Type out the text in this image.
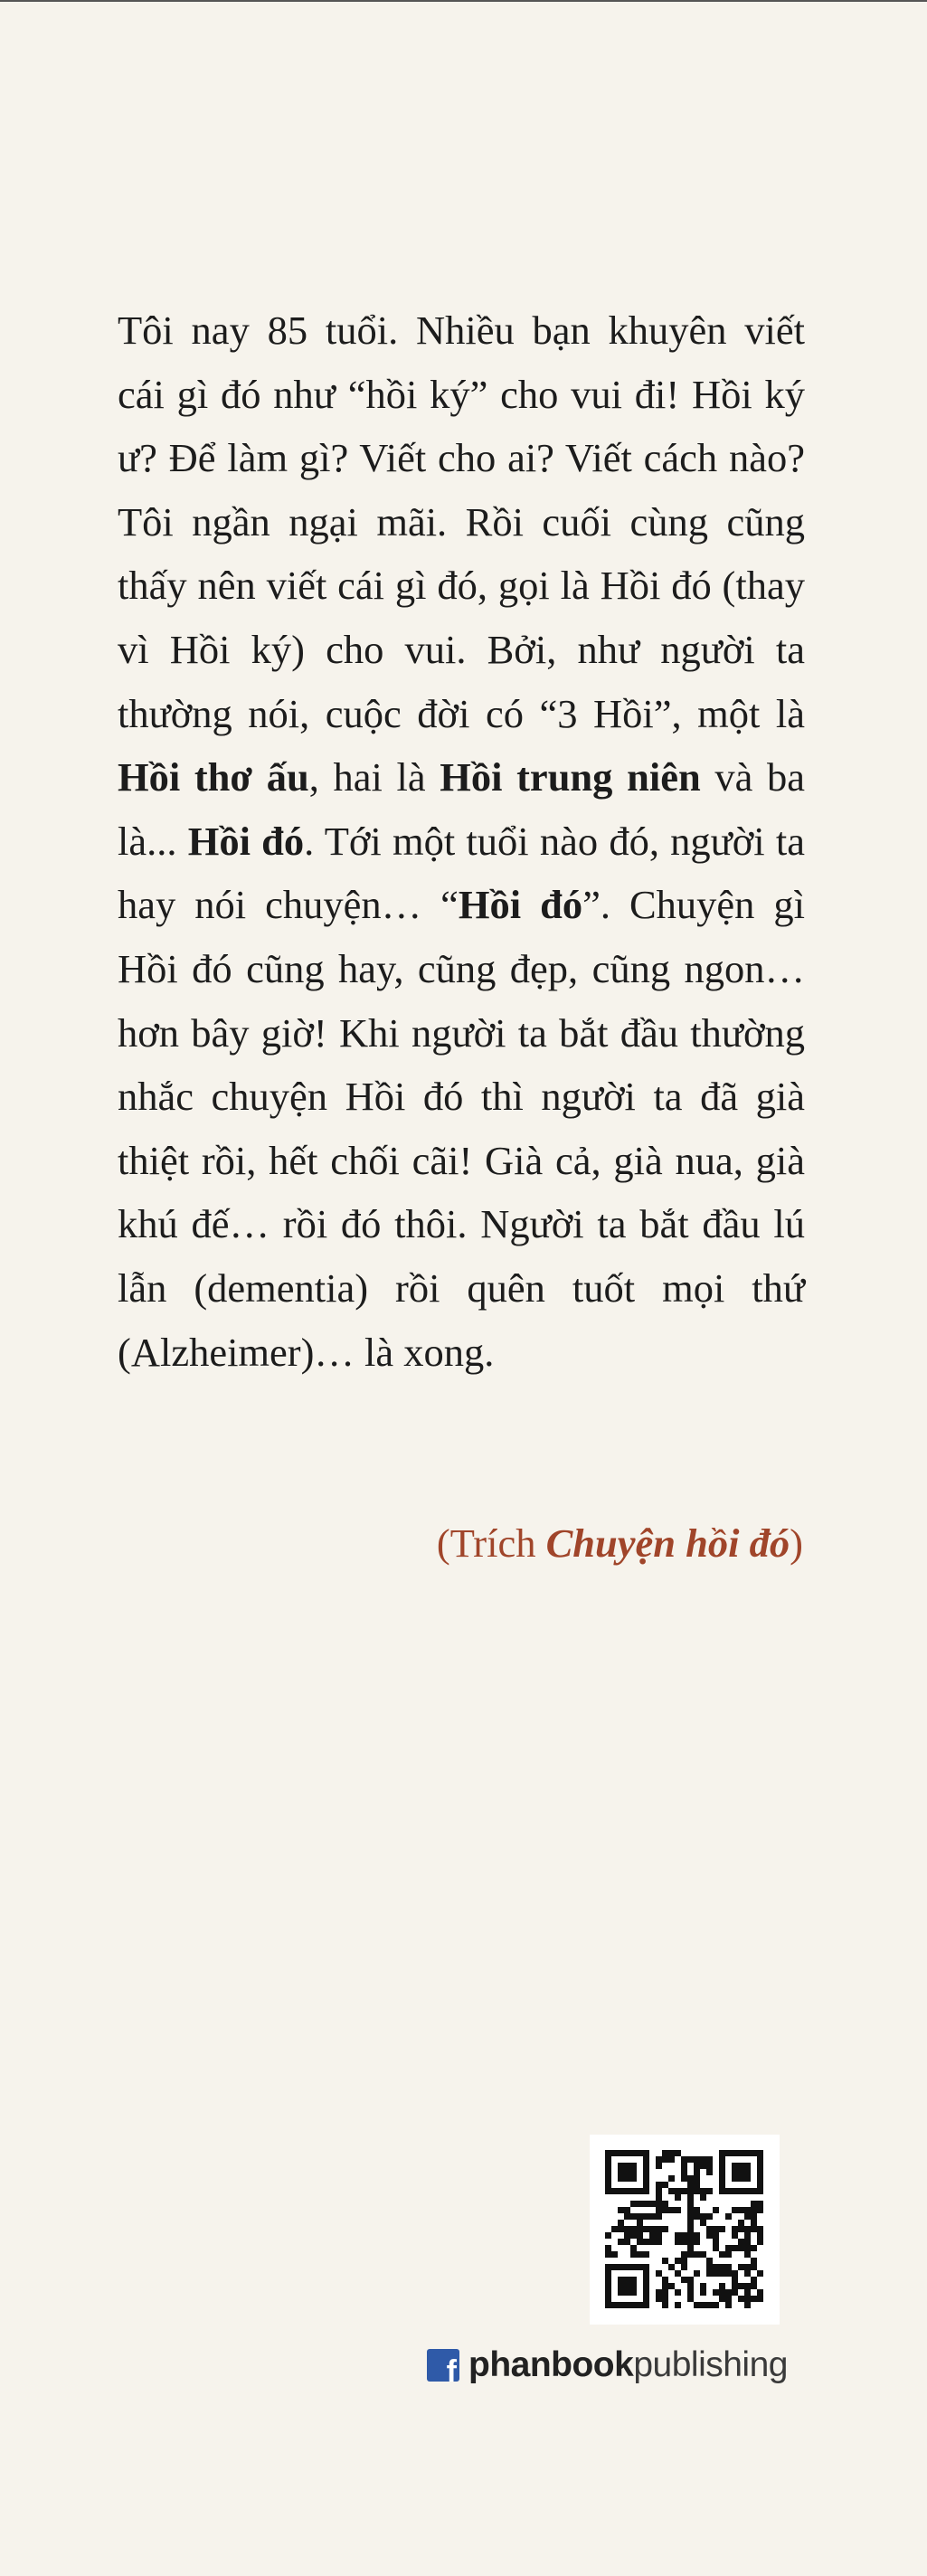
Tôi nay 85 tuổi. Nhiều bạn khuyên viết cái gì đó như “hồi ký” cho vui đi! Hồi ký ư? Để làm gì? Viết cho ai? Viết cách nào? Tôi ngần ngại mãi. Rồi cuối cùng cũng thấy nên viết cái gì đó, gọi là Hồi đó (thay vì Hồi ký) cho vui. Bởi, như người ta thường nói, cuộc đời có “3 Hồi”, một là Hồi thơ ấu, hai là Hồi trung niên và ba là... Hồi đó. Tới một tuổi nào đó, người ta hay nói chuyện… “Hồi đó”. Chuyện gì Hồi đó cũng hay, cũng đẹp, cũng ngon… hơn bây giờ! Khi người ta bắt đầu thường nhắc chuyện Hồi đó thì người ta đã già thiệt rồi, hết chối cãi! Già cả, già nua, già khú đế… rồi đó thôi. Người ta bắt đầu lú lẫn (dementia) rồi quên tuốt mọi thứ (Alzheimer)… là xong.

(Trích Chuyện hồi đó)

f phanbook publishing
